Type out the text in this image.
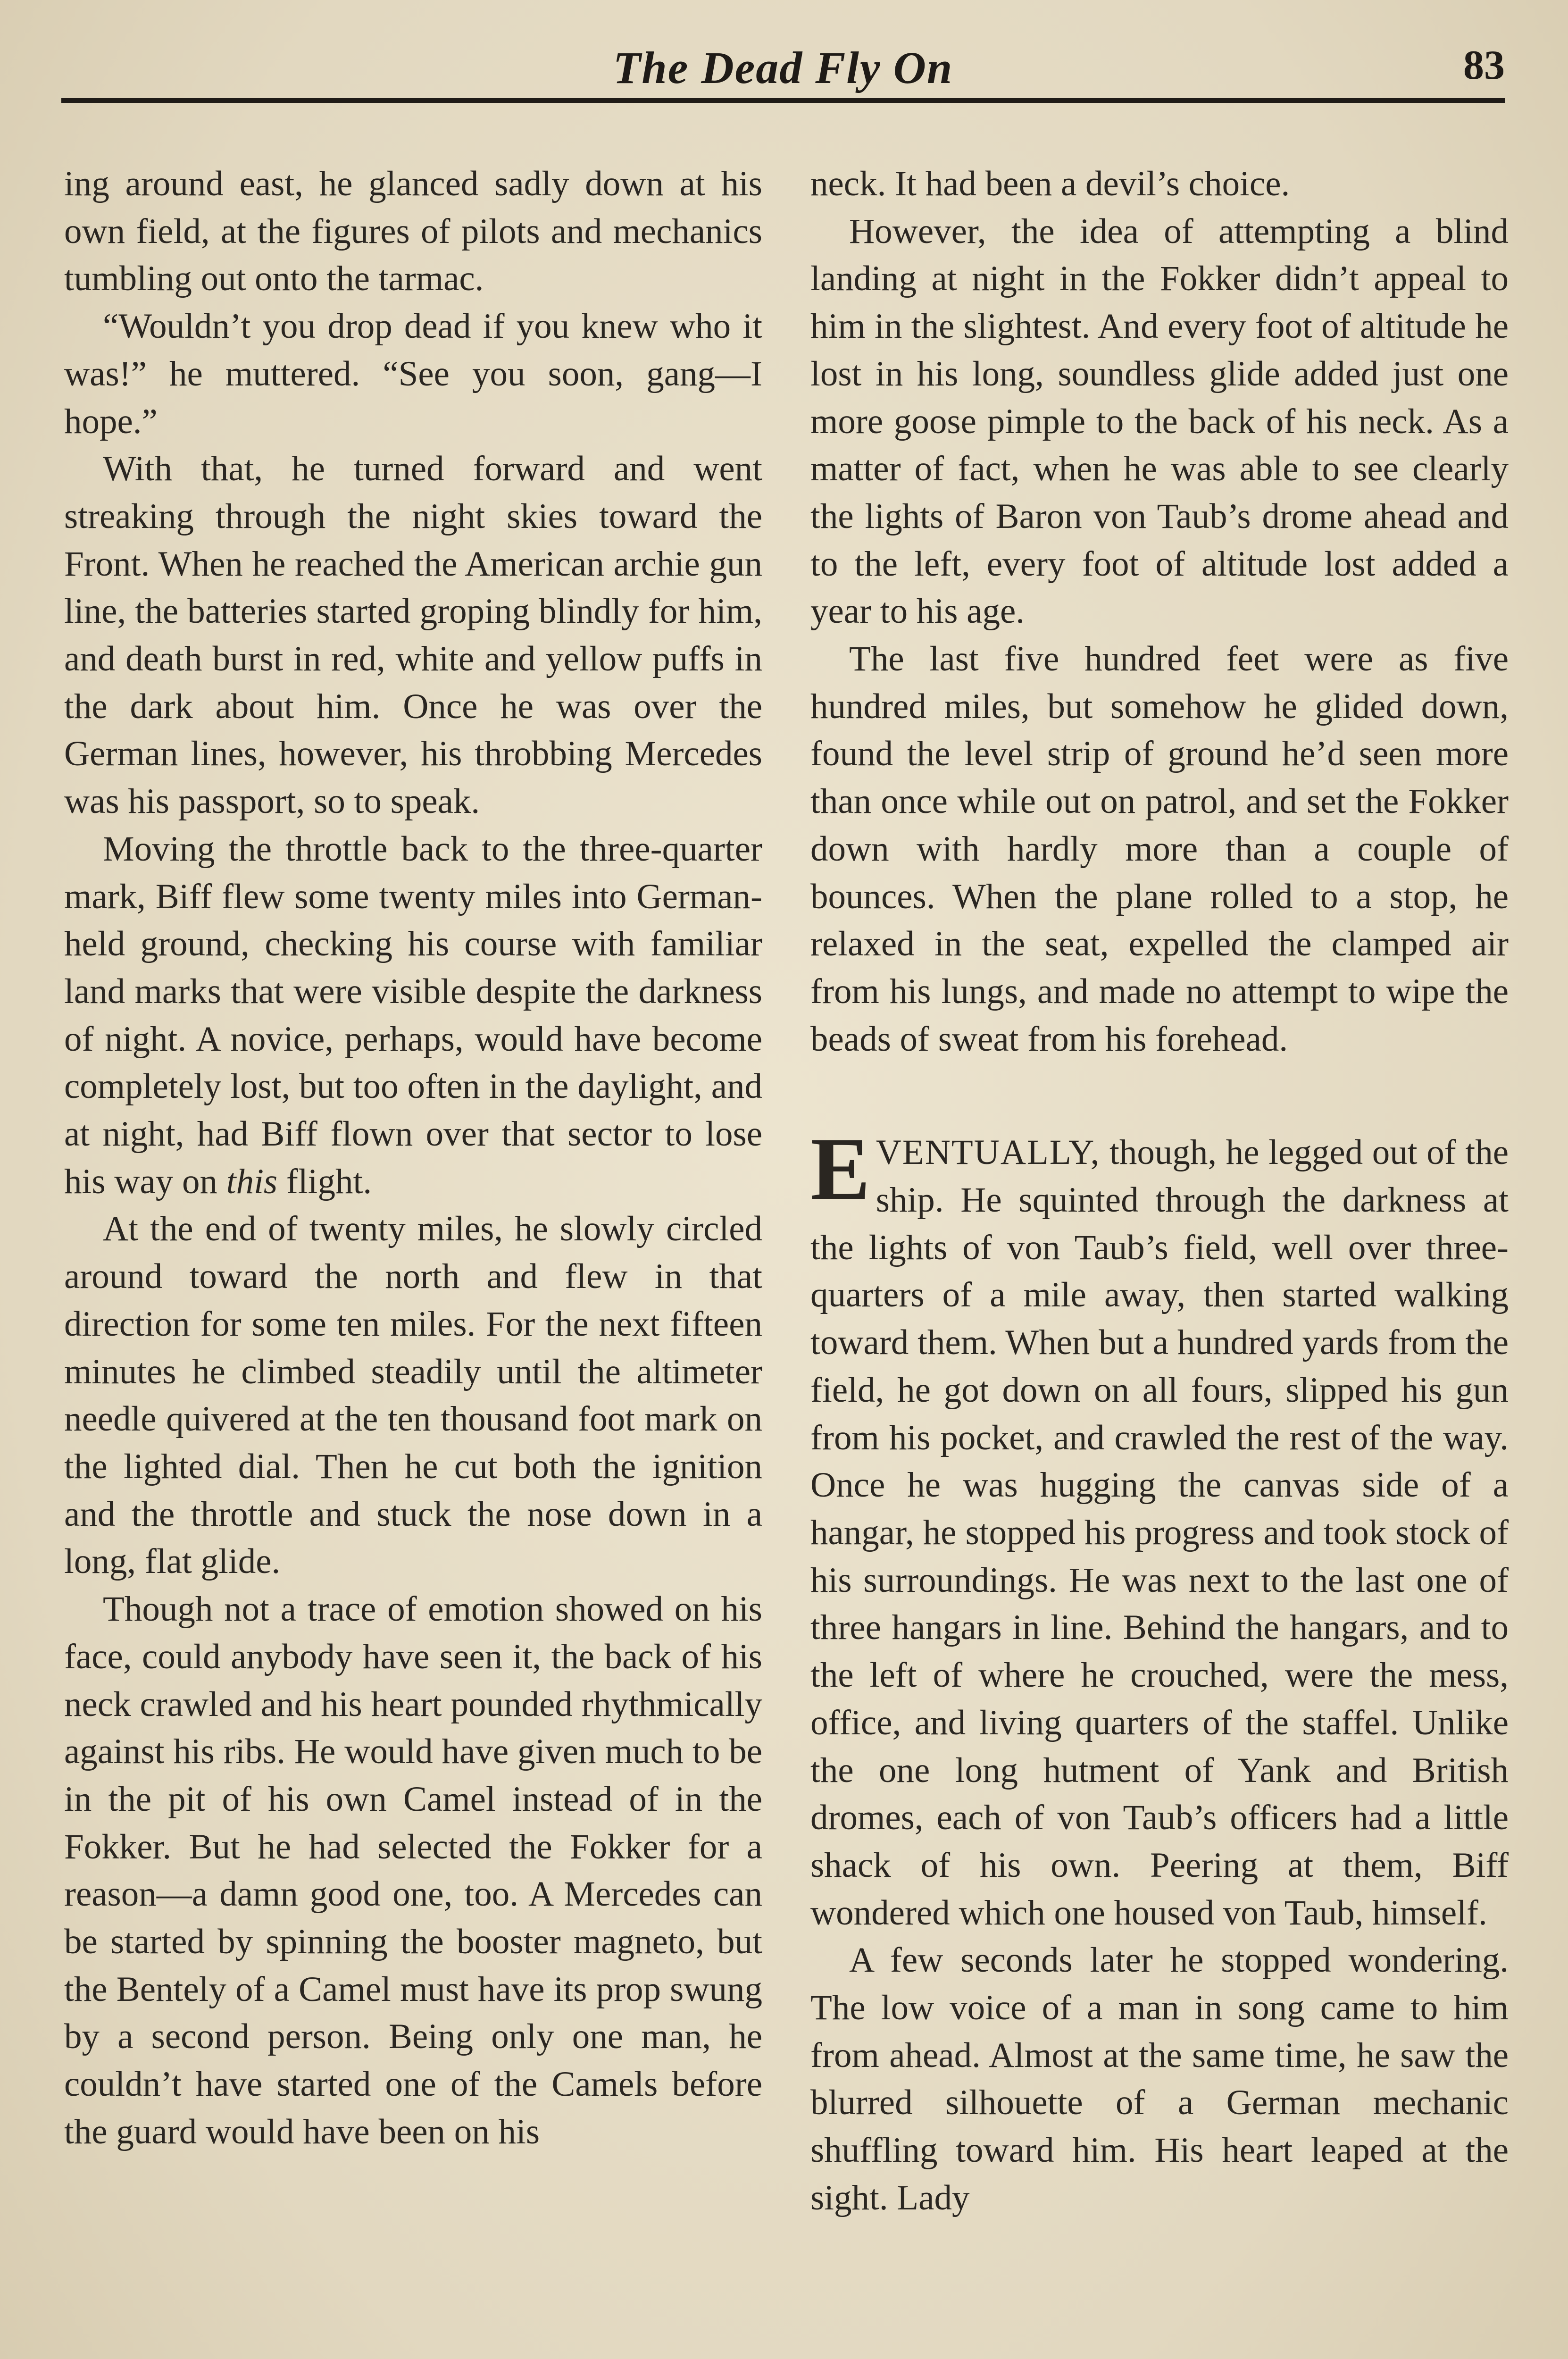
The Dead Fly On	83

ing around east, he glanced sadly down at his own field, at the figures of pilots and mechanics tumbling out onto the tarmac.

“Wouldn’t you drop dead if you knew who it was!” he muttered. “See you soon, gang—I hope.”

With that, he turned forward and went streaking through the night skies toward the Front. When he reached the American archie gun line, the batteries started groping blindly for him, and death burst in red, white and yellow puffs in the dark about him. Once he was over the German lines, however, his throbbing Mercedes was his passport, so to speak.

Moving the throttle back to the three-quarter mark, Biff flew some twenty miles into German-held ground, checking his course with familiar land marks that were visible despite the darkness of night. A novice, perhaps, would have become completely lost, but too often in the daylight, and at night, had Biff flown over that sector to lose his way on this flight.

At the end of twenty miles, he slowly circled around toward the north and flew in that direction for some ten miles. For the next fifteen minutes he climbed steadily until the altimeter needle quivered at the ten thousand foot mark on the lighted dial. Then he cut both the ignition and the throttle and stuck the nose down in a long, flat glide.

Though not a trace of emotion showed on his face, could anybody have seen it, the back of his neck crawled and his heart pounded rhythmically against his ribs. He would have given much to be in the pit of his own Camel instead of in the Fokker. But he had selected the Fokker for a reason—a damn good one, too. A Mercedes can be started by spinning the booster magneto, but the Bentely of a Camel must have its prop swung by a second person. Being only one man, he couldn’t have started one of the Camels before the guard would have been on his

neck. It had been a devil’s choice.

However, the idea of attempting a blind landing at night in the Fokker didn’t appeal to him in the slightest. And every foot of altitude he lost in his long, soundless glide added just one more goose pimple to the back of his neck. As a matter of fact, when he was able to see clearly the lights of Baron von Taub’s drome ahead and to the left, every foot of altitude lost added a year to his age.

The last five hundred feet were as five hundred miles, but somehow he glided down, found the level strip of ground he’d seen more than once while out on patrol, and set the Fokker down with hardly more than a couple of bounces. When the plane rolled to a stop, he relaxed in the seat, expelled the clamped air from his lungs, and made no attempt to wipe the beads of sweat from his forehead.

EVENTUALLY, though, he legged out of the ship. He squinted through the darkness at the lights of von Taub’s field, well over three-quarters of a mile away, then started walking toward them. When but a hundred yards from the field, he got down on all fours, slipped his gun from his pocket, and crawled the rest of the way. Once he was hugging the canvas side of a hangar, he stopped his progress and took stock of his surroundings. He was next to the last one of three hangars in line. Behind the hangars, and to the left of where he crouched, were the mess, office, and living quarters of the staffel. Unlike the one long hutment of Yank and British dromes, each of von Taub’s officers had a little shack of his own. Peering at them, Biff wondered which one housed von Taub, himself.

A few seconds later he stopped wondering. The low voice of a man in song came to him from ahead. Almost at the same time, he saw the blurred silhouette of a German mechanic shuffling toward him. His heart leaped at the sight. Lady
